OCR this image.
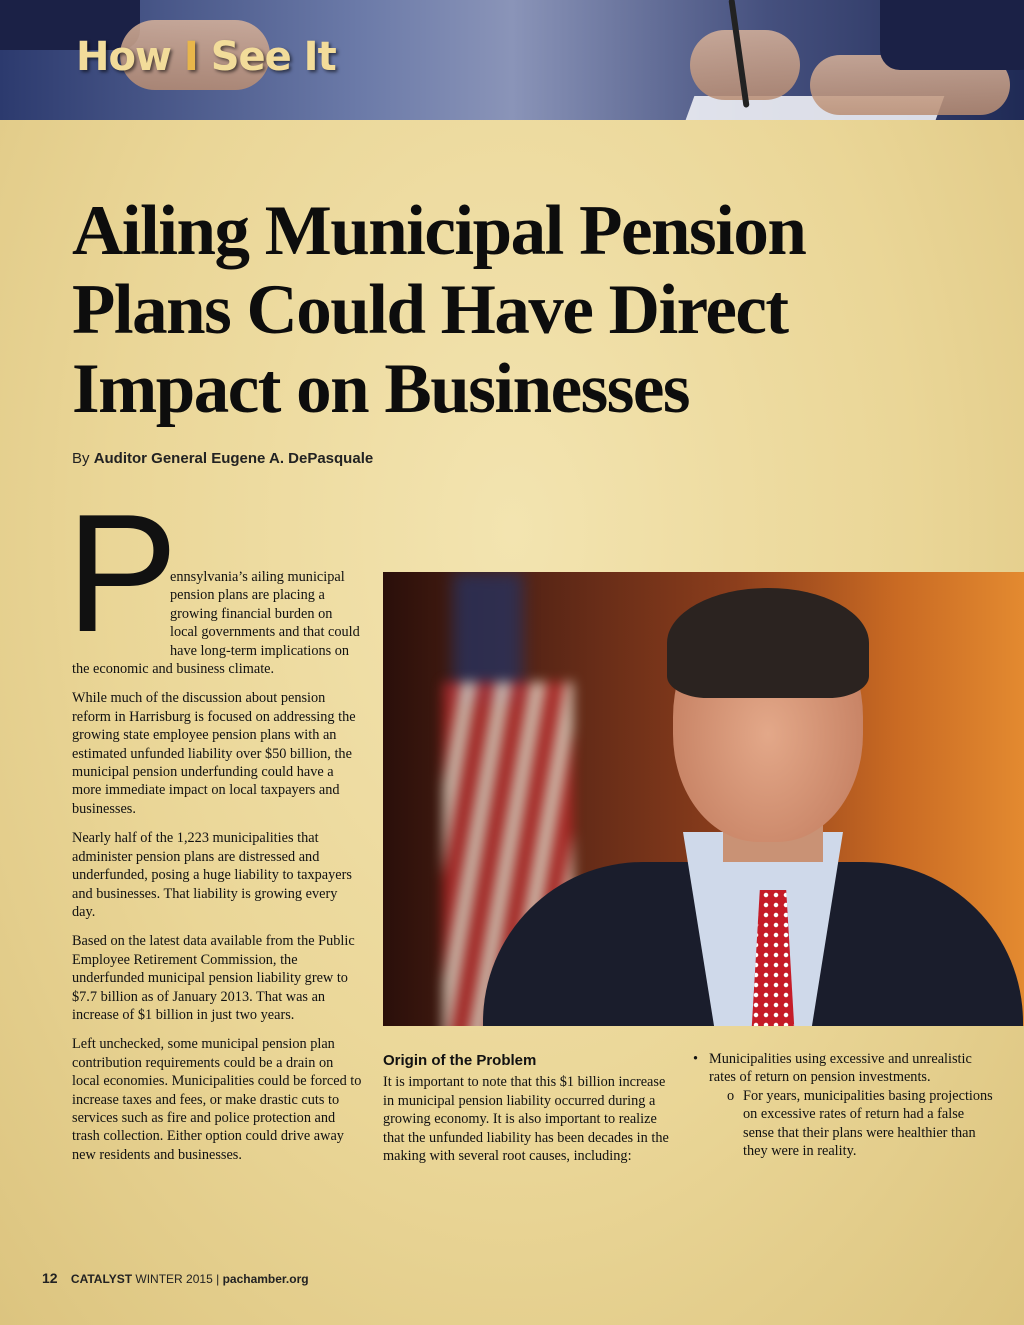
How I See It
Ailing Municipal Pension Plans Could Have Direct Impact on Businesses
By Auditor General Eugene A. DePasquale
P

ennsylvania’s ailing municipal pension plans are placing a growing financial burden on local governments and that could have long-term implications on the economic and business climate.

While much of the discussion about pension reform in Harrisburg is focused on addressing the growing state employee pension plans with an estimated unfunded liability over $50 billion, the municipal pension underfunding could have a more immediate impact on local taxpayers and businesses.

Nearly half of the 1,223 municipalities that administer pension plans are distressed and underfunded, posing a huge liability to taxpayers and businesses. That liability is growing every day.

Based on the latest data available from the Public Employee Retirement Commission, the underfunded municipal pension liability grew to $7.7 billion as of January 2013. That was an increase of $1 billion in just two years.

Left unchecked, some municipal pension plan contribution requirements could be a drain on local economies. Municipalities could be forced to increase taxes and fees, or make drastic cuts to services such as fire and police protection and trash collection. Either option could drive away new residents and businesses.

Origin of the Problem

It is important to note that this $1 billion increase in municipal pension liability occurred during a growing economy. It is also important to realize that the unfunded liability has been decades in the making with several root causes, including:

• Municipalities using excessive and unrealistic rates of return on pension investments.
o For years, municipalities basing projections on excessive rates of return had a false sense that their plans were healthier than they were in reality.
12 CATALYST WINTER 2015 | pachamber.org
